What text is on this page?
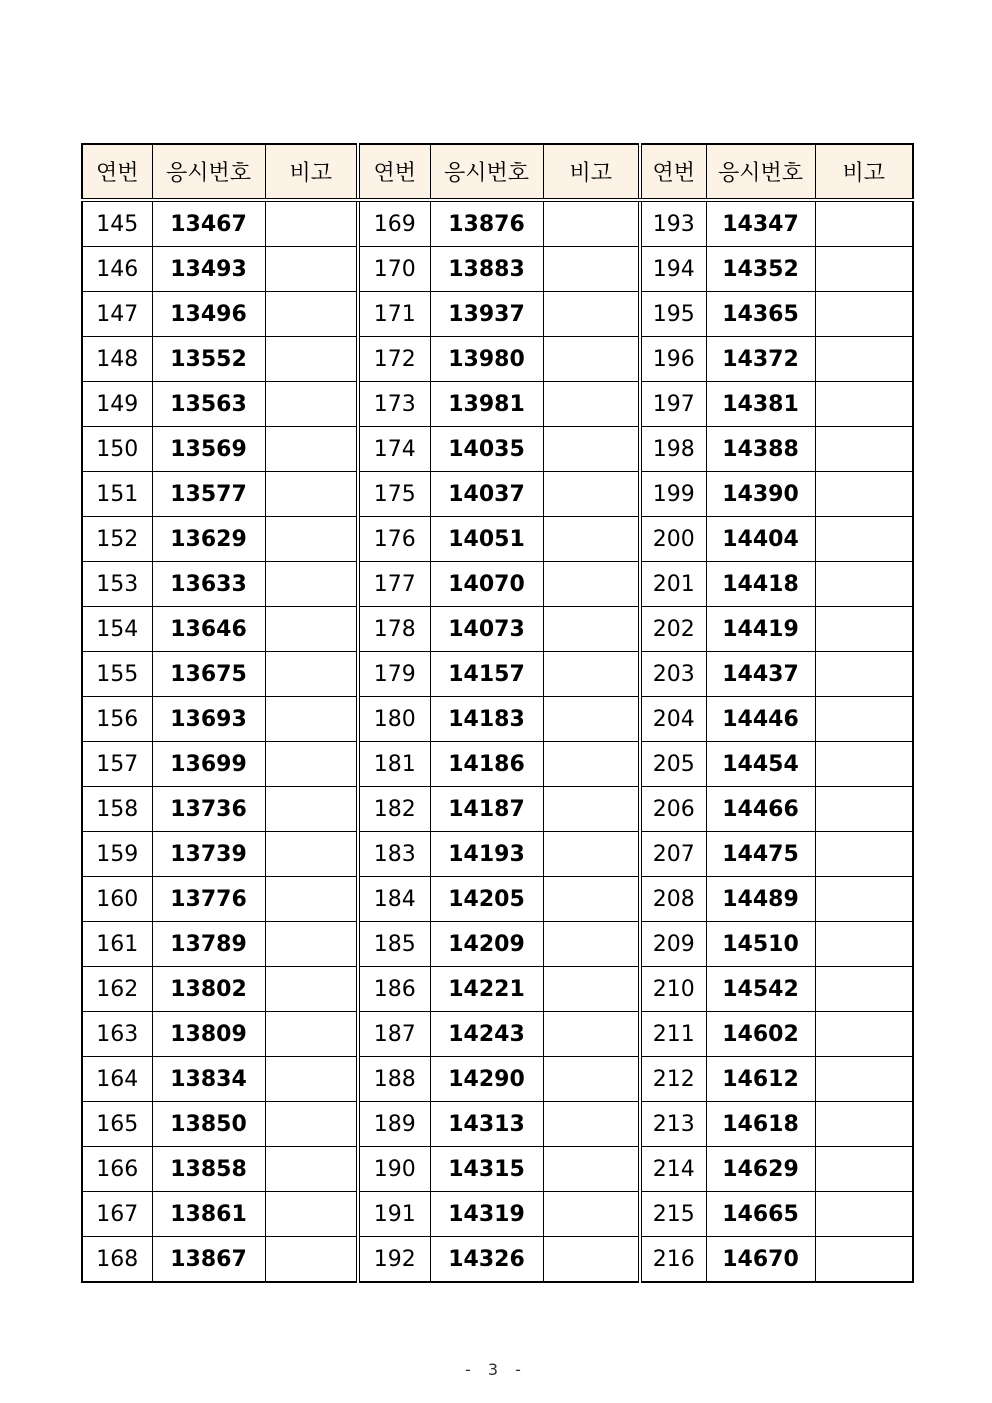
연번	응시번호	비고	연번	응시번호	비고	연번	응시번호	비고
145	13467		169	13876		193	14347	
146	13493		170	13883		194	14352	
147	13496		171	13937		195	14365	
148	13552		172	13980		196	14372	
149	13563		173	13981		197	14381	
150	13569		174	14035		198	14388	
151	13577		175	14037		199	14390	
152	13629		176	14051		200	14404	
153	13633		177	14070		201	14418	
154	13646		178	14073		202	14419	
155	13675		179	14157		203	14437	
156	13693		180	14183		204	14446	
157	13699		181	14186		205	14454	
158	13736		182	14187		206	14466	
159	13739		183	14193		207	14475	
160	13776		184	14205		208	14489	
161	13789		185	14209		209	14510	
162	13802		186	14221		210	14542	
163	13809		187	14243		211	14602	
164	13834		188	14290		212	14612	
165	13850		189	14313		213	14618	
166	13858		190	14315		214	14629	
167	13861		191	14319		215	14665	
168	13867		192	14326		216	14670	
- 3 -
